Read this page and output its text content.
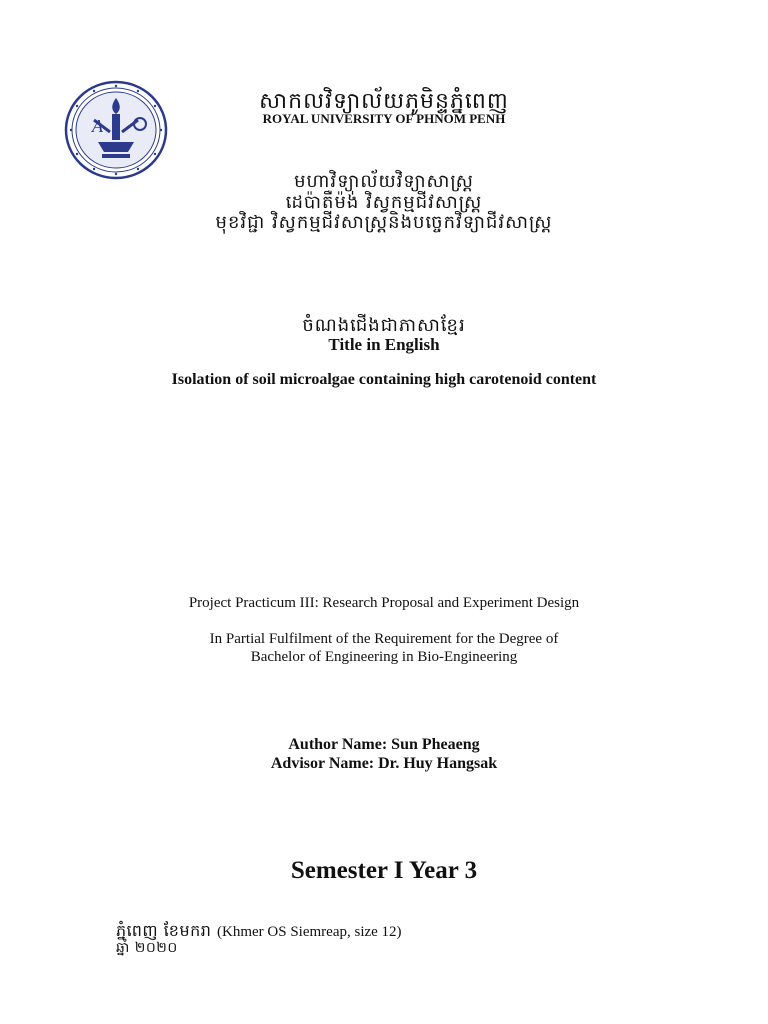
A
សាកលវិទ្យាល័យភូមិន្ទភ្នំពេញ
ROYAL UNIVERSITY OF PHNOM PENH
មហាវិទ្យាល័យវិទ្យាសាស្ត្រ
ដេប៉ាតឺម៉ង់ វិស្វកម្មជីវសាស្ត្រ
មុខវិជ្ជា វិស្វកម្មជីវសាស្ត្រនិងបច្ចេកវិទ្យាជីវសាស្ត្រ
ចំណងជើងជាភាសាខ្មែរ
Title in English
Isolation of soil microalgae containing high carotenoid content
Project Practicum III: Research Proposal and Experiment Design
In Partial Fulfilment of the Requirement for the Degree of
Bachelor of Engineering in Bio-Engineering
Author Name: Sun Pheaeng
Advisor Name: Dr. Huy Hangsak
Semester I Year 3
ភ្នំពេញ ខែមករា (Khmer OS Siemreap, size 12)
ឆ្នាំ ២០២០
